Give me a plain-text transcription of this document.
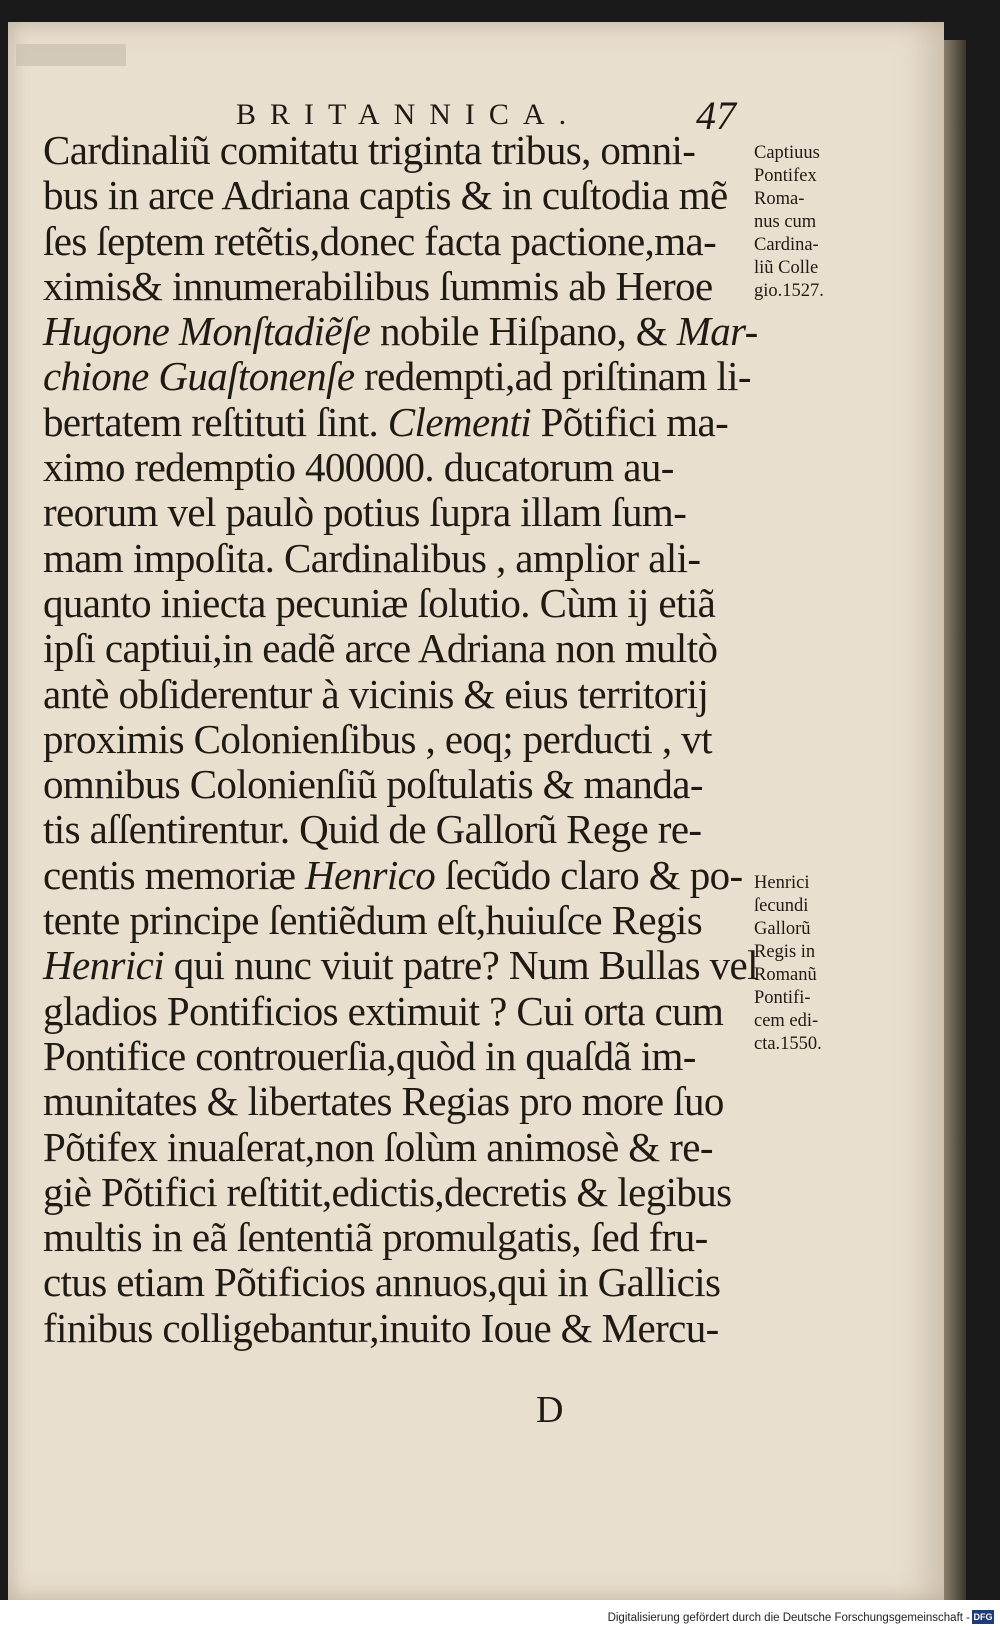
BRITANNICA.	47
Cardinaliũ comitatu triginta tribus, omni-
bus in arce Adriana captis & in cuſtodia mẽ
ſes ſeptem retẽtis,donec facta pactione,ma-
ximis& innumerabilibus ſummis ab Heroe
Hugone Monſtadiẽſe nobile Hiſpano, & Mar-
chione Guaſtonenſe redempti,ad priſtinam li-
bertatem reſtituti ſint. Clementi Põtifici ma-
ximo redemptio 400000. ducatorum au-
reorum vel paulò potius ſupra illam ſum-
mam impoſita. Cardinalibus , amplior ali-
quanto iniecta pecuniæ ſolutio. Cùm ij etiã
ipſi captiui,in eadẽ arce Adriana non multò
antè obſiderentur à vicinis & eius territorij
proximis Colonienſibus , eoq; perducti , vt
omnibus Colonienſiũ poſtulatis & manda-
tis aſſentirentur. Quid de Gallorũ Rege re-
centis memoriæ Henrico ſecũdo claro & po-
tente principe ſentiẽdum eſt,huiuſce Regis
Henrici qui nunc viuit patre? Num Bullas vel
gladios Pontificios extimuit ? Cui orta cum
Pontifice controuerſia,quòd in quaſdã im-
munitates & libertates Regias pro more ſuo
Põtifex inuaſerat,non ſolùm animosè & re-
giè Põtifici reſtitit,edictis,decretis & legibus
multis in eã ſententiã promulgatis, ſed fru-
ctus etiam Põtificios annuos,qui in Gallicis
finibus colligebantur,inuito Ioue & Mercu-
Captiuus
Pontifex
Roma-
nus cum
Cardina-
liũ Colle
gio.1527.
Henrici
ſecundi
Gallorũ
Regis in
Romanũ
Pontifi-
cem edi-
cta.1550.
D
Digitalisierung gefördert durch die Deutsche Forschungsgemeinschaft - DFG
